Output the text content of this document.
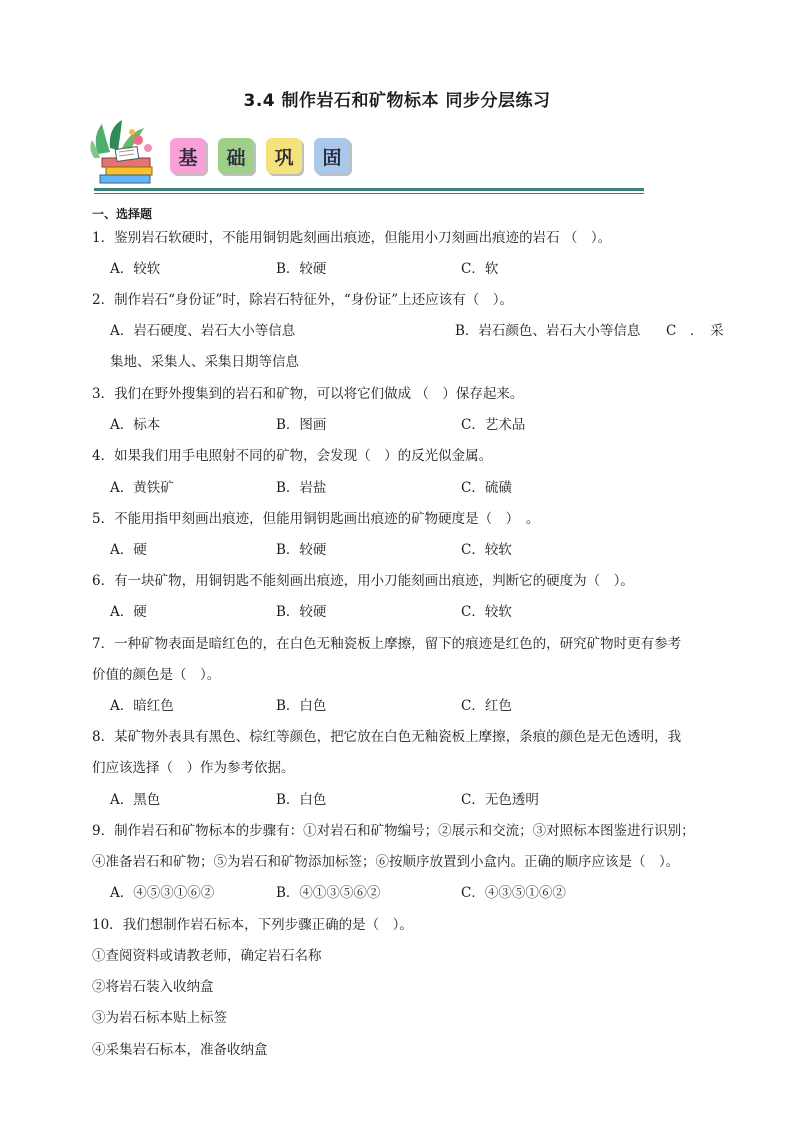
3.4 制作岩石和矿物标本 同步分层练习
基	础	巩	固
一、选择题
1．鉴别岩石软硬时，不能用铜钥匙刻画出痕迹，但能用小刀刻画出痕迹的岩石 （　）。
A．较软	B．较硬	C．软
2．制作岩石“身份证”时，除岩石特征外，“身份证”上还应该有（　）。
A．岩石硬度、岩石大小等信息	B．岩石颜色、岩石大小等信息 C　．　采
集地、采集人、采集日期等信息
3．我们在野外搜集到的岩石和矿物，可以将它们做成 （　）保存起来。
A．标本	B．图画	C．艺术品
4．如果我们用手电照射不同的矿物，会发现（　）的反光似金属。
A．黄铁矿	B．岩盐	C．硫磺
5．不能用指甲刻画出痕迹，但能用铜钥匙画出痕迹的矿物硬度是（　）　。
A．硬	B．较硬	C．较软
6．有一块矿物，用铜钥匙不能刻画出痕迹，用小刀能刻画出痕迹，判断它的硬度为（　）。
A．硬	B．较硬	C．较软
7．一种矿物表面是暗红色的，在白色无釉瓷板上摩擦，留下的痕迹是红色的，研究矿物时更有参考
价值的颜色是（　）。
A．暗红色	B．白色	C．红色
8．某矿物外表具有黑色、棕红等颜色，把它放在白色无釉瓷板上摩擦，条痕的颜色是无色透明，我
们应该选择（　）作为参考依据。
A．黑色	B．白色	C．无色透明
9．制作岩石和矿物标本的步骤有：①对岩石和矿物编号；②展示和交流；③对照标本图鉴进行识别；
④准备岩石和矿物；⑤为岩石和矿物添加标签；⑥按顺序放置到小盒内。正确的顺序应该是（　）。
A．④⑤③①⑥②	B．④①③⑤⑥②	C．④③⑤①⑥②
10．我们想制作岩石标本，下列步骤正确的是（　）。
①查阅资料或请教老师，确定岩石名称
②将岩石装入收纳盒
③为岩石标本贴上标签
④采集岩石标本，准备收纳盒
